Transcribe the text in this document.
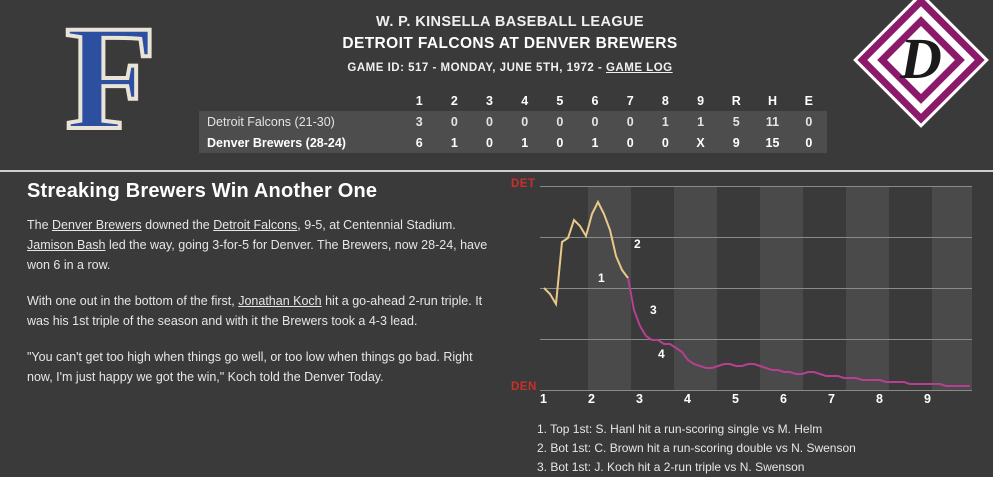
F	W. P. KINSELLA BASEBALL LEAGUE
DETROIT FALCONS AT DENVER BREWERS
GAME ID: 517 - MONDAY, JUNE 5TH, 1972 - GAME LOG	D
	1	2	3	4	5	6	7	8	9	R	H	E
Detroit Falcons (21-30)	3	0	0	0	0	0	0	1	1	5	11	0
Denver Brewers (28-24)	6	1	0	1	0	1	0	0	X	9	15	0
Streaking Brewers Win Another One

The Denver Brewers downed the Detroit Falcons, 9-5, at Centennial Stadium. Jamison Bash led the way, going 3-for-5 for Denver. The Brewers, now 28-24, have won 6 in a row.

With one out in the bottom of the first, Jonathan Koch hit a go-ahead 2-run triple. It was his 1st triple of the season and with it the Brewers took a 4-3 lead.

"You can't get too high when things go well, or too low when things go bad. Right now, I'm just happy we got the win," Koch told the Denver Today.

DET
DEN
1
2
3
4
1	2	3	4	5	6	7	8	9
1. Top 1st: S. Hanl hit a run-scoring single vs M. Helm
2. Bot 1st: C. Brown hit a run-scoring double vs N. Swenson
3. Bot 1st: J. Koch hit a 2-run triple vs N. Swenson
